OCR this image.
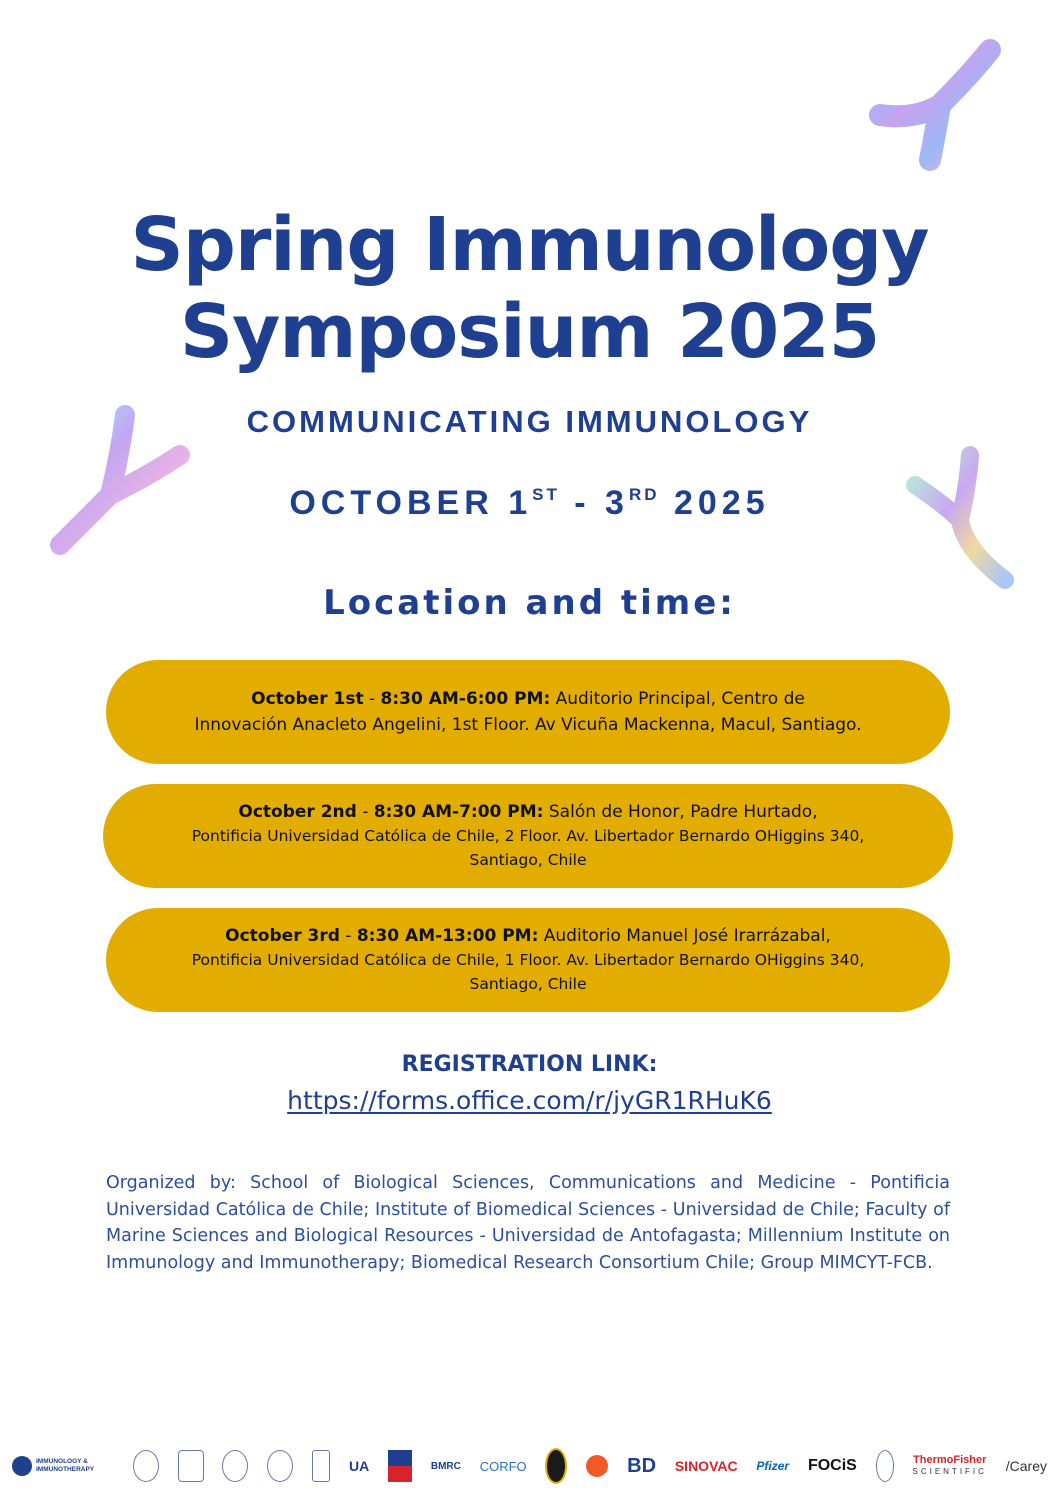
Spring Immunology
Symposium 2025
COMMUNICATING IMMUNOLOGY
OCTOBER 1ST - 3RD 2025
Location and time:
October 1st - 8:30 AM-6:00 PM: Auditorio Principal, Centro de
Innovación Anacleto Angelini, 1st Floor. Av Vicuña Mackenna, Macul, Santiago.
October 2nd - 8:30 AM-7:00 PM: Salón de Honor, Padre Hurtado,
Pontificia Universidad Católica de Chile, 2 Floor. Av. Libertador Bernardo OHiggins 340,
Santiago, Chile
October 3rd - 8:30 AM-13:00 PM: Auditorio Manuel José Irarrázabal,
Pontificia Universidad Católica de Chile, 1 Floor. Av. Libertador Bernardo OHiggins 340,
Santiago, Chile
REGISTRATION LINK:
https://forms.office.com/r/jyGR1RHuK6
Organized by: School of Biological Sciences, Communications and Medicine - Pontificia Universidad Católica de Chile; Institute of Biomedical Sciences - Universidad de Chile; Faculty of Marine Sciences and Biological Resources - Universidad de Antofagasta; Millennium Institute on Immunology and Immunotherapy; Biomedical Research Consortium Chile; Group MIMCYT-FCB.
IMMUNOLOGY & IMMUNOTHERAPY	UA	BMRC CORFO	BD SINOVAC Pfizer FOCiS	ThermoFisher
SCIENTIFIC /Carey
